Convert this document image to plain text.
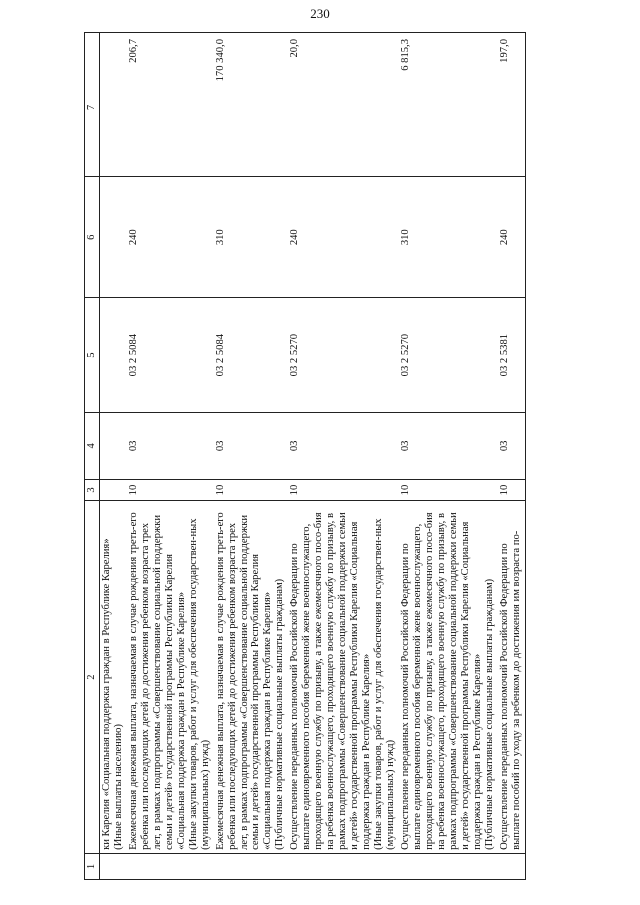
230
1	2	3	4	5	6	7

	ки Карелия «Социальная поддержка граждан в Республике Карелия» (Иные выплаты населению)					

	Ежемесячная денежная выплата, назначаемая в случае рождения треть-его ребенка или последующих детей до достижения ребенком возраста трех лет, в рамках подпрограммы «Совершенствование социальной поддержки семьи и детей» государственной программы Республики Карелия «Социальная поддержка граждан в Республике Карелия» (Иные закупки товаров, работ и услуг для обеспечения государствен-ных (муниципальных) нужд)	10	03	03 2 5084	240	206,7

	Ежемесячная денежная выплата, назначаемая в случае рождения треть-его ребенка или последующих детей до достижения ребенком возраста трех лет, в рамках подпрограммы «Совершенствование социальной поддержки семьи и детей» государственной программы Республики Карелия «Социальная поддержка граждан в Республике Карелия» (Публичные нормативные социальные выплаты гражданам)	10	03	03 2 5084	310	170 340,0

	Осуществление переданных полномочий Российской Федерации по выплате единовременного пособия беременной жене военнослужащего, проходящего военную службу по призыву, а также ежемесячного посо-бия на ребенка военнослужащего, проходящего военную службу по призыву, в рамках подпрограммы «Совершенствование социальной поддержки семьи и детей» государственной программы Республики Карелия «Социальная поддержка граждан в Республике Карелия» (Иные закупки товаров, работ и услуг для обеспечения государствен-ных (муниципальных) нужд)	10	03	03 2 5270	240	20,0

	Осуществление переданных полномочий Российской Федерации по выплате единовременного пособия беременной жене военнослужащего, проходящего военную службу по призыву, а также ежемесячного посо-бия на ребенка военнослужащего, проходящего военную службу по призыву, в рамках подпрограммы «Совершенствование социальной поддержки семьи и детей» государственной программы Республики Карелия «Социальная поддержка граждан в Республике Карелия» (Публичные нормативные социальные выплаты гражданам)	10	03	03 2 5270	310	6 815,3

	Осуществление переданных полномочий Российской Федерации по выплате пособий по уходу за ребенком до достижения им возраста по-	10	03	03 2 5381	240	197,0
